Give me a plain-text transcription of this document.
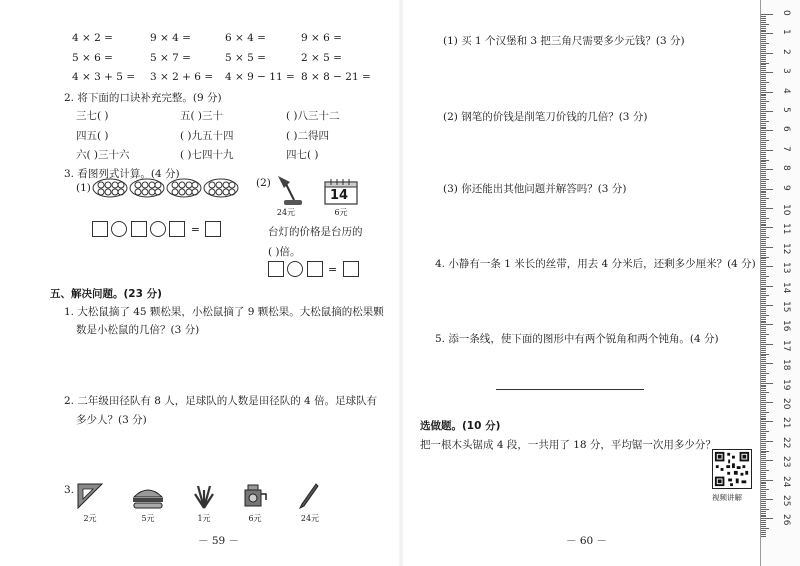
4 × 2 =	9 × 4 =	6 × 4 =	9 × 6 =
5 × 6 =	5 × 7 =	5 × 5 =	2 × 5 =
4 × 3 + 5 = 3 × 2 + 6 = 4 × 9 − 11 = 8 × 8 − 21 =
2. 将下面的口诀补充完整。(9 分)
三七( )	五( )三十	( )八三十二
四五( )	( )九五十四	( )二得四
六( )三十六	( )七四十九	四七( )
3. 看图列式计算。(4 分)
(1)
=
(2)
24元
14
6元
台灯的价格是台历的
( )倍。
=
五、解决问题。(23 分)
1. 大松鼠摘了 45 颗松果，小松鼠摘了 9 颗松果。大松鼠摘的松果颗
数是小松鼠的几倍？(3 分)
2. 二年级田径队有 8 人，足球队的人数是田径队的 4 倍。足球队有
多少人？(3 分)
3.
2元	5元	1元	6元	24元
－ 59 －
(1) 买 1 个汉堡和 3 把三角尺需要多少元钱？(3 分)
(2) 钢笔的价钱是削笔刀价钱的几倍？(3 分)
(3) 你还能出其他问题并解答吗？(3 分)
4. 小静有一条 1 米长的丝带，用去 4 分米后，还剩多少厘米？(4 分)
5. 添一条线，使下面的图形中有两个锐角和两个钝角。(4 分)
选做题。(10 分)
把一根木头锯成 4 段，一共用了 18 分，平均锯一次用多少分？
视频讲解
－ 60 －
0
1
2
3
4
5
6
7
8
9
10
11
12
13
14
15
16
17
18
19
20
21
22
23
24
25
26
